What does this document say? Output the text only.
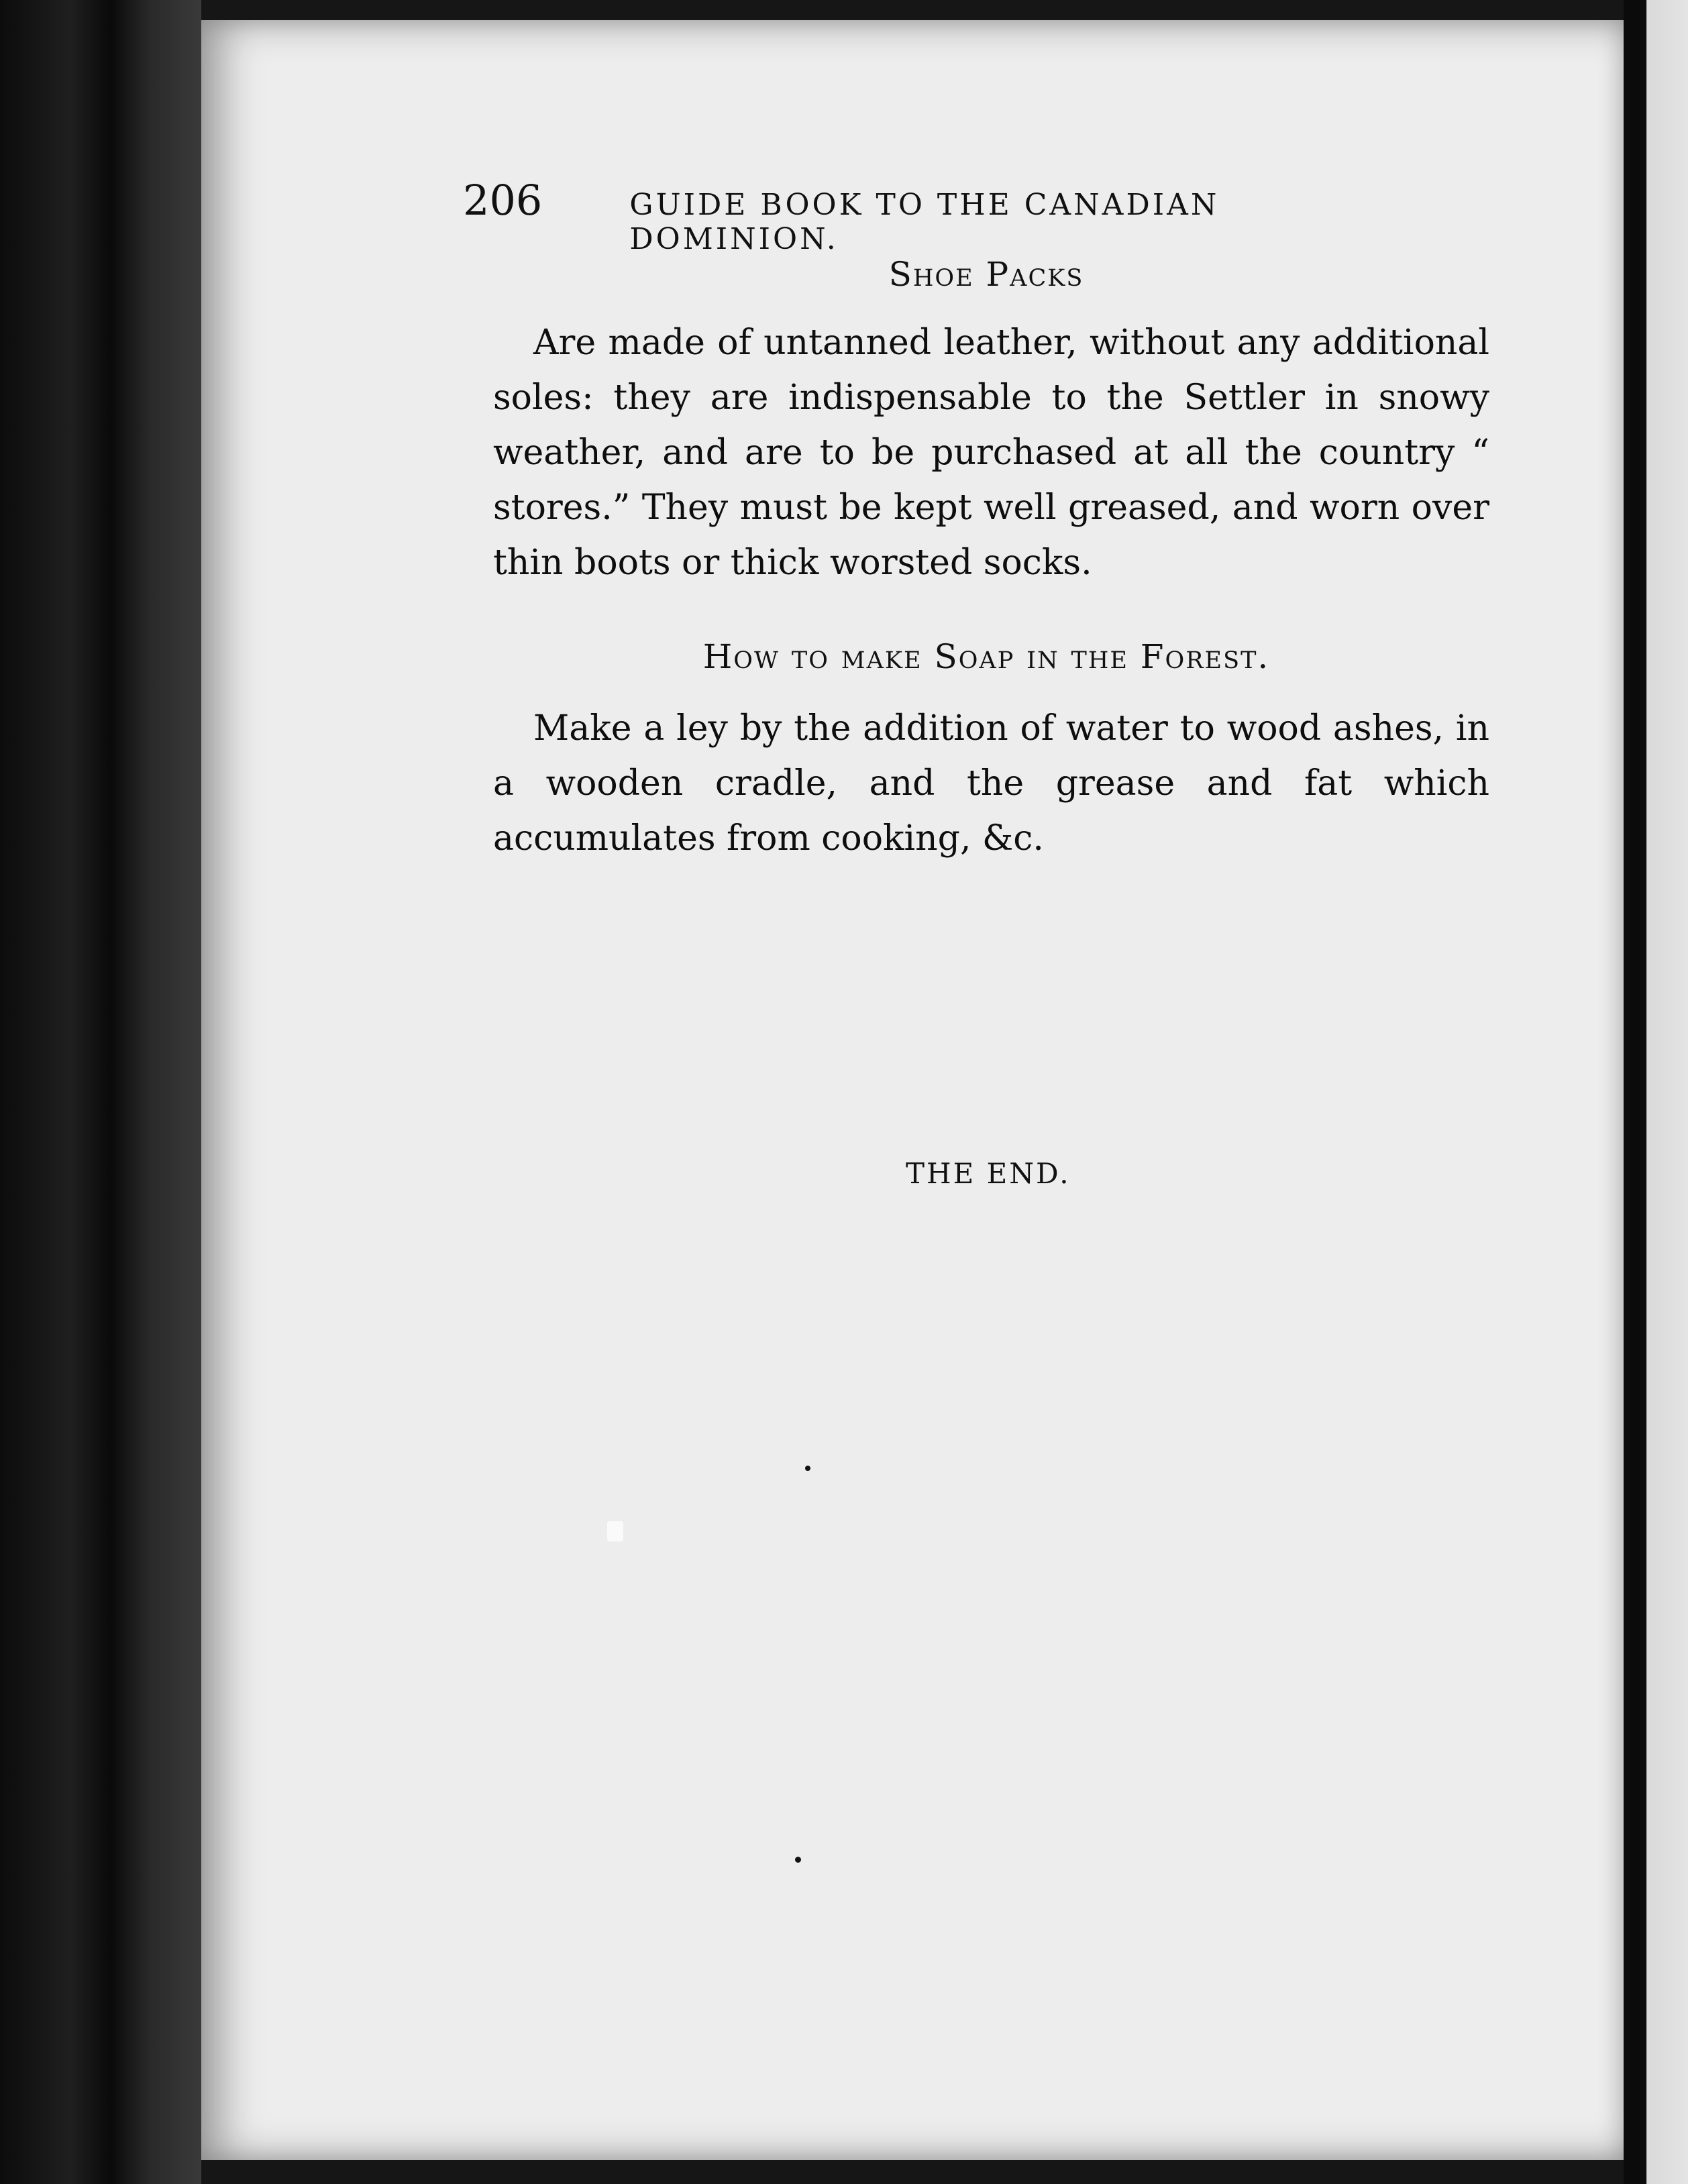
206	GUIDE BOOK TO THE CANADIAN DOMINION.
Shoe Packs
Are made of untanned leather, without any additional soles: they are indispensable to the Settler in snowy weather, and are to be purchased at all the country “ stores.” They must be kept well greased, and worn over thin boots or thick worsted socks.
How to make Soap in the Forest.
Make a ley by the addition of water to wood ashes, in a wooden cradle, and the grease and fat which accumulates from cooking, &c.
THE END.
